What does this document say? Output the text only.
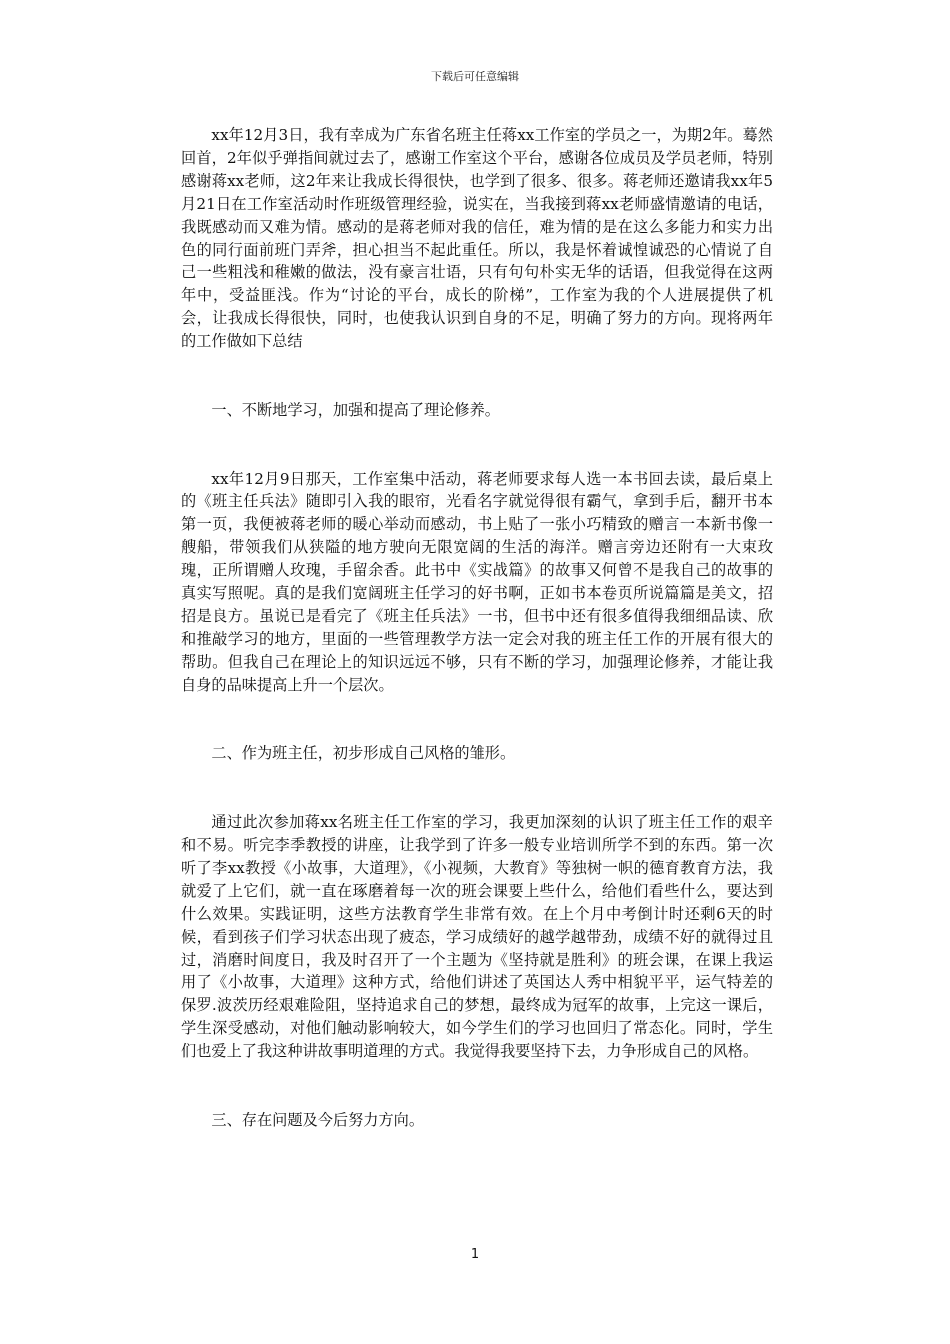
下载后可任意编辑

xx年12月3日，我有幸成为广东省名班主任蒋xx工作室的学员之一，为期2年。蓦然回首，2年似乎弹指间就过去了，感谢工作室这个平台，感谢各位成员及学员老师，特别感谢蒋xx老师，这2年来让我成长得很快，也学到了很多、很多。蒋老师还邀请我xx年5月21日在工作室活动时作班级管理经验，说实在，当我接到蒋xx老师盛情邀请的电话，我既感动而又难为情。感动的是蒋老师对我的信任，难为情的是在这么多能力和实力出色的同行面前班门弄斧，担心担当不起此重任。所以，我是怀着诚惶诚恐的心情说了自己一些粗浅和稚嫩的做法，没有豪言壮语，只有句句朴实无华的话语，但我觉得在这两年中，受益匪浅。作为“讨论的平台，成长的阶梯”，工作室为我的个人进展提供了机会，让我成长得很快，同时，也使我认识到自身的不足，明确了努力的方向。现将两年的工作做如下总结

一、不断地学习，加强和提高了理论修养。

xx年12月9日那天，工作室集中活动，蒋老师要求每人选一本书回去读，最后桌上的《班主任兵法》随即引入我的眼帘，光看名字就觉得很有霸气，拿到手后，翻开书本第一页，我便被蒋老师的暖心举动而感动，书上贴了一张小巧精致的赠言一本新书像一艘船，带领我们从狭隘的地方驶向无限宽阔的生活的海洋。赠言旁边还附有一大束玫瑰，正所谓赠人玫瑰，手留余香。此书中《实战篇》的故事又何曾不是我自己的故事的真实写照呢。真的是我们宽阔班主任学习的好书啊，正如书本卷页所说篇篇是美文，招招是良方。虽说已是看完了《班主任兵法》一书，但书中还有很多值得我细细品读、欣和推敲学习的地方，里面的一些管理教学方法一定会对我的班主任工作的开展有很大的帮助。但我自己在理论上的知识远远不够，只有不断的学习，加强理论修养，才能让我自身的品味提高上升一个层次。

二、作为班主任，初步形成自己风格的雏形。

通过此次参加蒋xx名班主任工作室的学习，我更加深刻的认识了班主任工作的艰辛和不易。听完李季教授的讲座，让我学到了许多一般专业培训所学不到的东西。第一次听了李xx教授《小故事，大道理》，《小视频，大教育》等独树一帜的德育教育方法，我就爱了上它们，就一直在琢磨着每一次的班会课要上些什么，给他们看些什么，要达到什么效果。实践证明，这些方法教育学生非常有效。在上个月中考倒计时还剩6天的时候，看到孩子们学习状态出现了疲态，学习成绩好的越学越带劲，成绩不好的就得过且过，消磨时间度日，我及时召开了一个主题为《坚持就是胜利》的班会课，在课上我运用了《小故事，大道理》这种方式，给他们讲述了英国达人秀中相貌平平，运气特差的保罗.波茨历经艰难险阻，坚持追求自己的梦想，最终成为冠军的故事，上完这一课后，学生深受感动，对他们触动影响较大，如今学生们的学习也回归了常态化。同时，学生们也爱上了我这种讲故事明道理的方式。我觉得我要坚持下去，力争形成自己的风格。

三、存在问题及今后努力方向。

1
